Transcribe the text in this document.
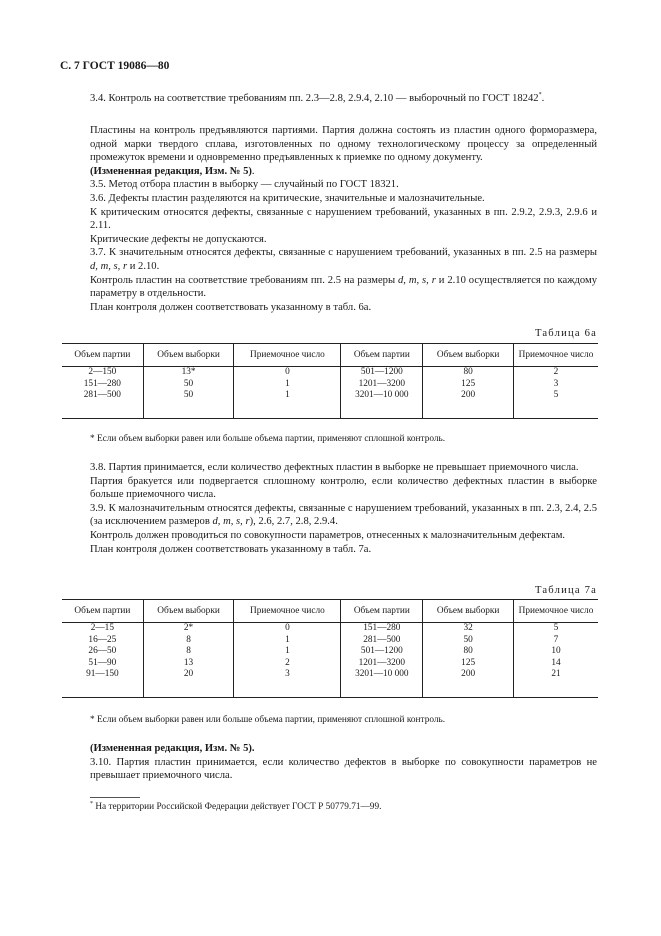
С. 7 ГОСТ 19086—80

3.4. Контроль на соответствие требованиям пп. 2.3—2.8, 2.9.4, 2.10 — выборочный по ГОСТ 18242*.

Пластины на контроль предъявляются партиями. Партия должна состоять из пластин одного формоpазмера, одной марки твердого сплава, изготовленных по одному технологическому процессу за определенный промежуток времени и одновременно предъявленных к приемке по одному документу.

(Измененная редакция, Изм. № 5).

3.5. Метод отбора пластин в выборку — случайный по ГОСТ 18321.

3.6. Дефекты пластин разделяются на критические, значительные и малозначительные.

К критическим относятся дефекты, связанные с нарушением требований, указанных в пп. 2.9.2, 2.9.3, 2.9.6 и 2.11.

Критические дефекты не допускаются.

3.7. К значительным относятся дефекты, связанные с нарушением требований, указанных в пп. 2.5 на размеры d, m, s, r и 2.10.

Контроль пластин на соответствие требованиям пп. 2.5 на размеры d, m, s, r и 2.10 осуществляется по каждому параметру в отдельности.

План контроля должен соответствовать указанному в табл. 6а.

Таблица 6а
Объем партии	Объем выборки	Приемочное число	Объем партии	Объем выборки	Приемочное число
2—150	13*	0	501—1200	80	2
151—280	50	1	1201—3200	125	3
281—500	50	1	3201—10 000	200	5

* Если объем выборки равен или больше объема партии, применяют сплошной контроль.

3.8. Партия принимается, если количество дефектных пластин в выборке не превышает приемочного числа.

Партия бракуется или подвергается сплошному контролю, если количество дефектных пластин в выборке больше приемочного числа.

3.9. К малозначительным относятся дефекты, связанные с нарушением требований, указанных в пп. 2.3, 2.4, 2.5 (за исключением размеров d, m, s, r), 2.6, 2.7, 2.8, 2.9.4.

Контроль должен проводиться по совокупности параметров, отнесенных к малозначительным дефектам.

План контроля должен соответствовать указанному в табл. 7а.

Таблица 7а
Объем партии	Объем выборки	Приемочное число	Объем партии	Объем выборки	Приемочное число
2—15	2*	0	151—280	32	5
16—25	8	1	281—500	50	7
26—50	8	1	501—1200	80	10
51—90	13	2	1201—3200	125	14
91—150	20	3	3201—10 000	200	21

* Если объем выборки равен или больше объема партии, применяют сплошной контроль.

(Измененная редакция, Изм. № 5).

3.10. Партия пластин принимается, если количество дефектов в выборке по совокупности параметров не превышает приемочного числа.

* На территории Российской Федерации действует ГОСТ Р 50779.71—99.
